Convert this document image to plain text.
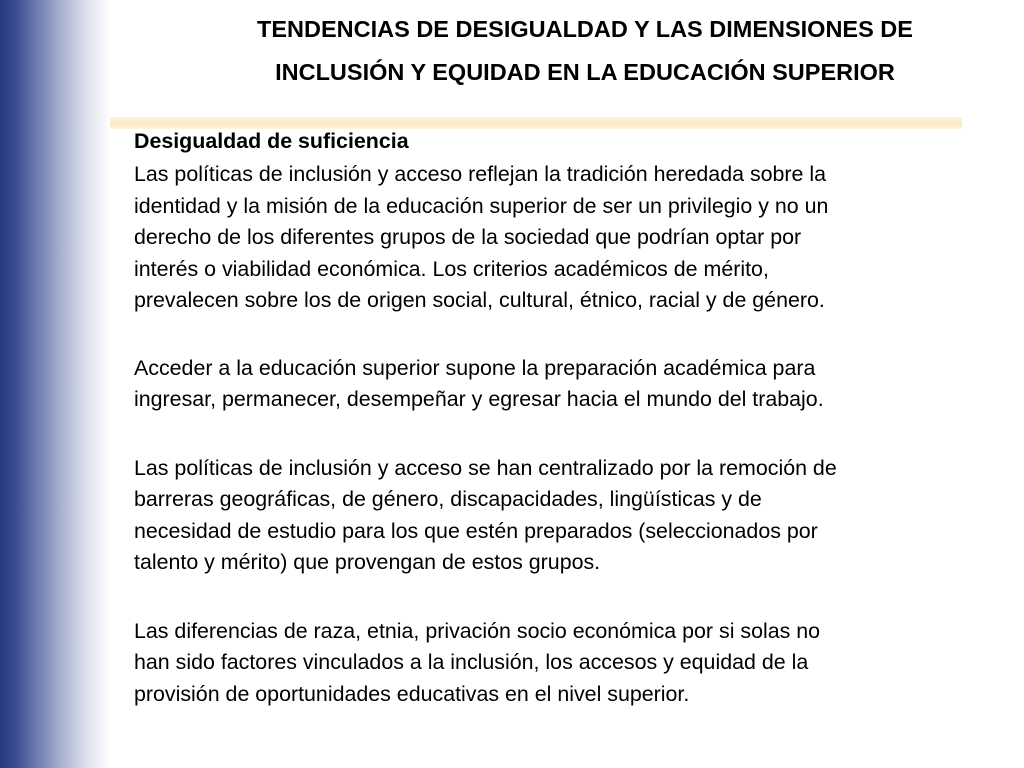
TENDENCIAS DE DESIGUALDAD Y LAS DIMENSIONES DE
INCLUSIÓN Y EQUIDAD EN LA EDUCACIÓN SUPERIOR

Desigualdad de suficiencia

Las políticas de inclusión y acceso reflejan la tradición heredada sobre la
identidad y la misión de la educación superior de ser un privilegio y no un
derecho de los diferentes grupos de la sociedad que podrían optar por
interés o viabilidad económica. Los criterios académicos de mérito,
prevalecen sobre los de origen social, cultural, étnico, racial y de género.

Acceder a la educación superior supone la preparación académica para
ingresar, permanecer, desempeñar y egresar hacia el mundo del trabajo.

Las políticas de inclusión y acceso se han centralizado por la remoción de
barreras geográficas, de género, discapacidades, lingüísticas y de
necesidad de estudio para los que estén preparados (seleccionados por
talento y mérito) que provengan de estos grupos.

Las diferencias de raza, etnia, privación socio económica por si solas no
han sido factores vinculados a la inclusión, los accesos y equidad de la
provisión de oportunidades educativas en el nivel superior.
